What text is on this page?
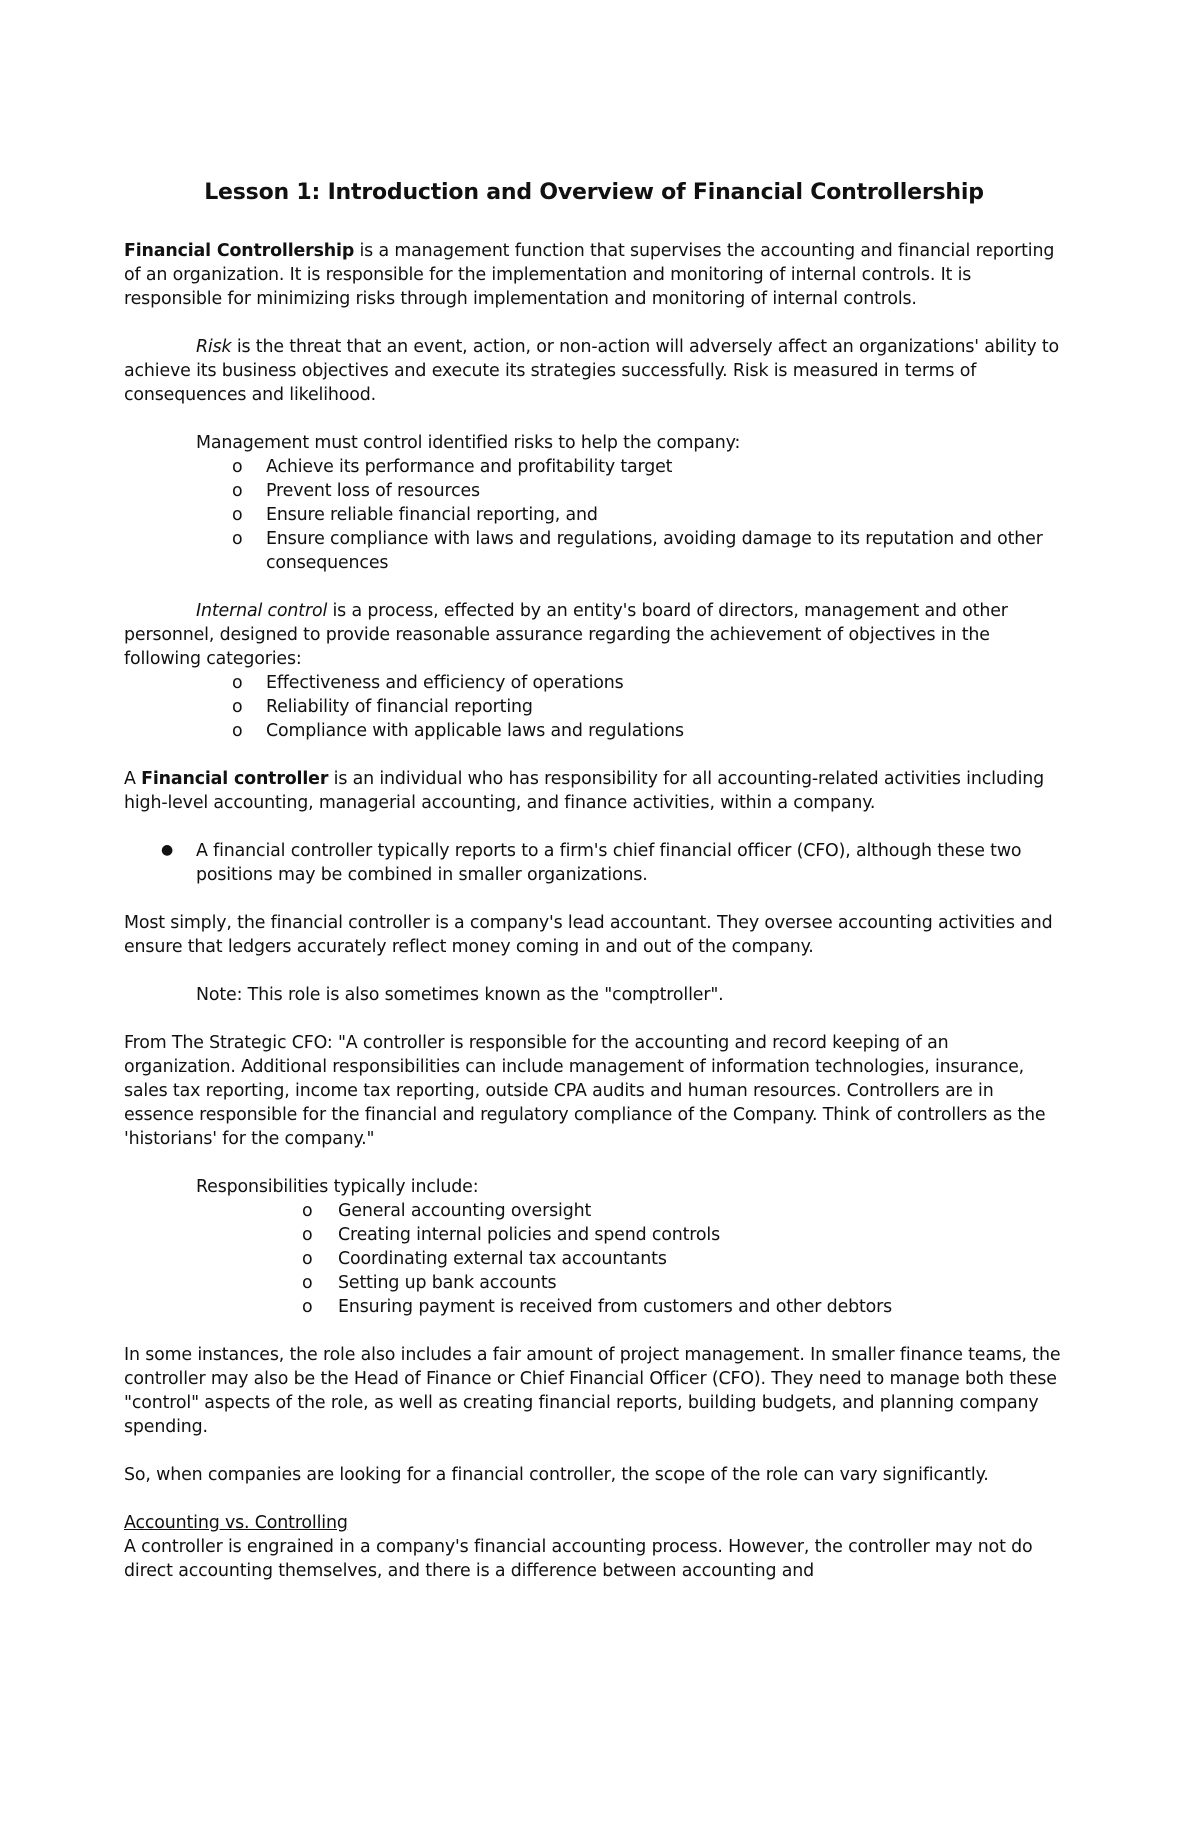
Lesson 1: Introduction and Overview of Financial Controllership

Financial Controllership is a management function that supervises the accounting and financial reporting of an organization. It is responsible for the implementation and monitoring of internal controls. It is responsible for minimizing risks through implementation and monitoring of internal controls.

Risk is the threat that an event, action, or non-action will adversely affect an organizations' ability to achieve its business objectives and execute its strategies successfully. Risk is measured in terms of consequences and likelihood.

Management must control identified risks to help the company:

o Achieve its performance and profitability target
o Prevent loss of resources
o Ensure reliable financial reporting, and
o Ensure compliance with laws and regulations, avoiding damage to its reputation and other consequences

Internal control is a process, effected by an entity's board of directors, management and other personnel, designed to provide reasonable assurance regarding the achievement of objectives in the following categories:

o Effectiveness and efficiency of operations
o Reliability of financial reporting
o Compliance with applicable laws and regulations

A Financial controller is an individual who has responsibility for all accounting-related activities including high-level accounting, managerial accounting, and finance activities, within a company.

● A financial controller typically reports to a firm's chief financial officer (CFO), although these two positions may be combined in smaller organizations.

Most simply, the financial controller is a company's lead accountant. They oversee accounting activities and ensure that ledgers accurately reflect money coming in and out of the company.

Note: This role is also sometimes known as the "comptroller".

From The Strategic CFO: "A controller is responsible for the accounting and record keeping of an organization. Additional responsibilities can include management of information technologies, insurance, sales tax reporting, income tax reporting, outside CPA audits and human resources. Controllers are in essence responsible for the financial and regulatory compliance of the Company. Think of controllers as the 'historians' for the company."

Responsibilities typically include:

o General accounting oversight
o Creating internal policies and spend controls
o Coordinating external tax accountants
o Setting up bank accounts
o Ensuring payment is received from customers and other debtors

In some instances, the role also includes a fair amount of project management. In smaller finance teams, the controller may also be the Head of Finance or Chief Financial Officer (CFO). They need to manage both these "control" aspects of the role, as well as creating financial reports, building budgets, and planning company spending.

So, when companies are looking for a financial controller, the scope of the role can vary significantly.

Accounting vs. Controlling

A controller is engrained in a company's financial accounting process. However, the controller may not do direct accounting themselves, and there is a difference between accounting and
